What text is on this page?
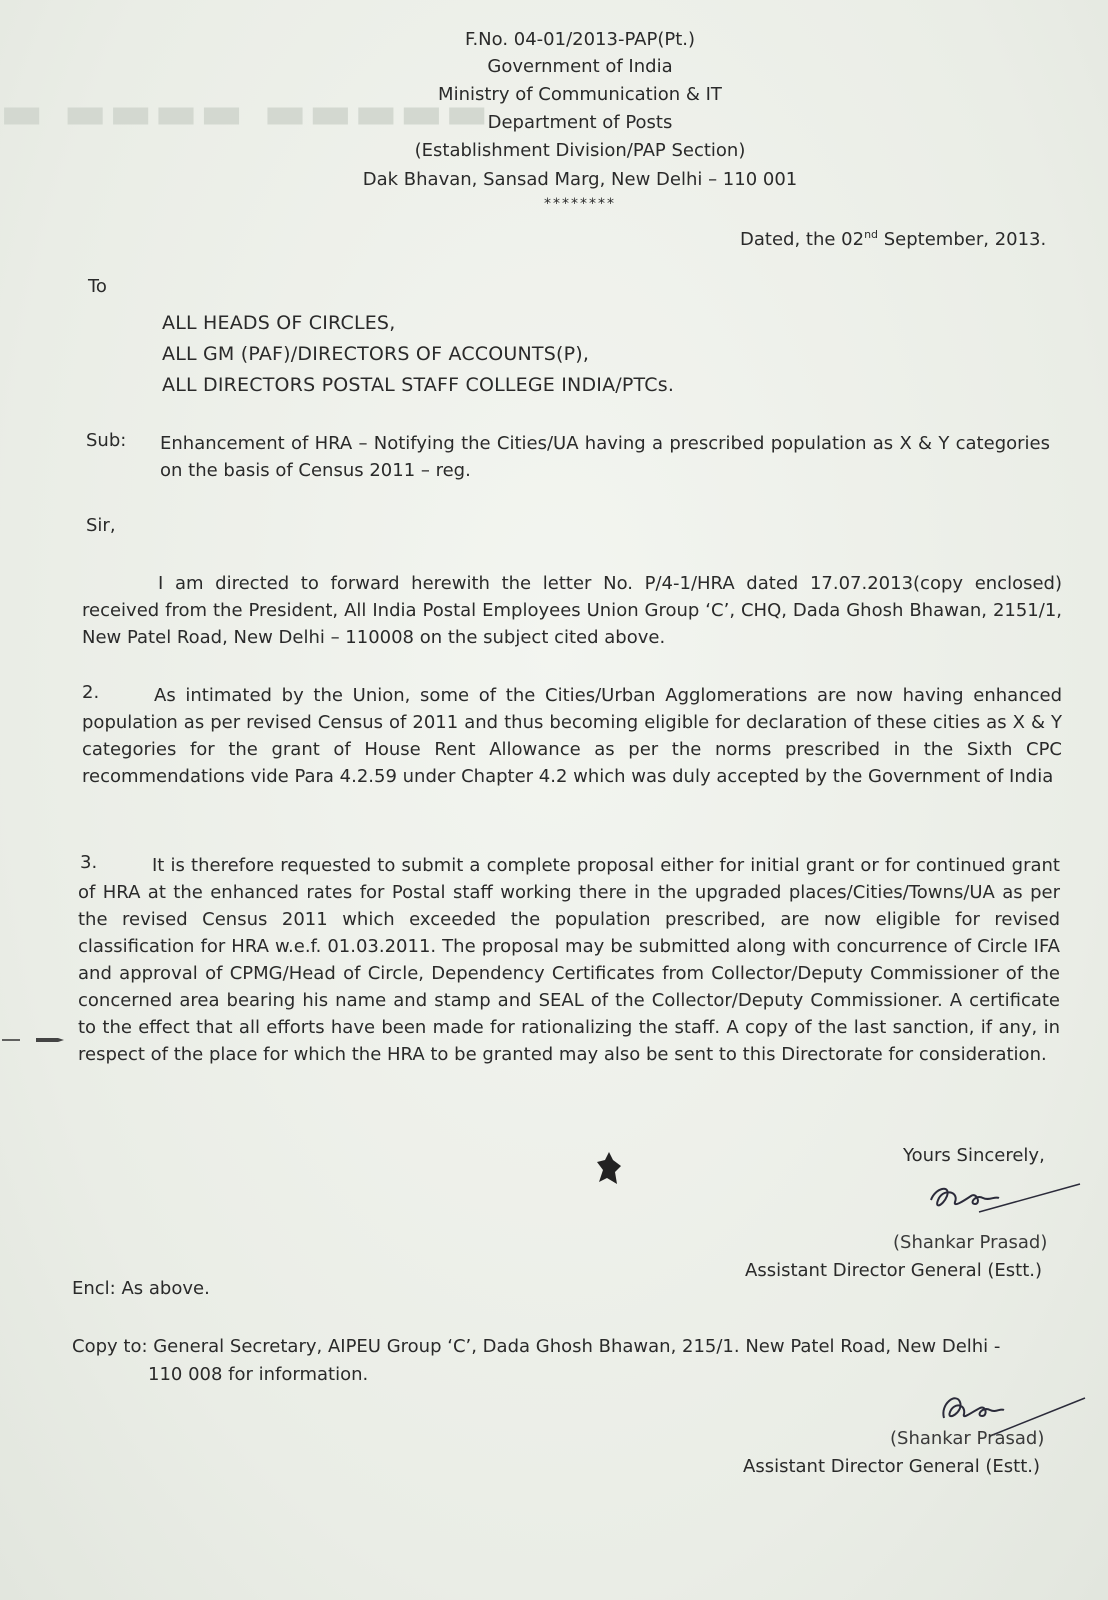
▬ ▬▬▬▬ ▬▬▬▬▬
F.No. 04-01/2013-PAP(Pt.)
Government of India
Ministry of Communication & IT
Department of Posts
(Establishment Division/PAP Section)
Dak Bhavan, Sansad Marg, New Delhi – 110 001
********
Dated, the 02nd September, 2013.
To
ALL HEADS OF CIRCLES,
ALL GM (PAF)/DIRECTORS OF ACCOUNTS(P),
ALL DIRECTORS POSTAL STAFF COLLEGE INDIA/PTCs.
Sub: Enhancement of HRA – Notifying the Cities/UA having a prescribed population as X & Y categories on the basis of Census 2011 – reg.
Sir,
I am directed to forward herewith the letter No. P/4-1/HRA dated 17.07.2013(copy enclosed) received from the President, All India Postal Employees Union Group ‘C’, CHQ, Dada Ghosh Bhawan, 2151/1, New Patel Road, New Delhi – 110008 on the subject cited above.
2.	As intimated by the Union, some of the Cities/Urban Agglomerations are now having enhanced population as per revised Census of 2011 and thus becoming eligible for declaration of these cities as X & Y categories for the grant of House Rent Allowance as per the norms prescribed in the Sixth CPC recommendations vide Para 4.2.59 under Chapter 4.2 which was duly accepted by the Government of India
3.	It is therefore requested to submit a complete proposal either for initial grant or for continued grant of HRA at the enhanced rates for Postal staff working there in the upgraded places/Cities/Towns/UA as per the revised Census 2011 which exceeded the population prescribed, are now eligible for revised classification for HRA w.e.f. 01.03.2011. The proposal may be submitted along with concurrence of Circle IFA and approval of CPMG/Head of Circle, Dependency Certificates from Collector/Deputy Commissioner of the concerned area bearing his name and stamp and SEAL of the Collector/Deputy Commissioner. A certificate to the effect that all efforts have been made for rationalizing the staff. A copy of the last sanction, if any, in respect of the place for which the HRA to be granted may also be sent to this Directorate for consideration.
Yours Sincerely,
(Shankar Prasad)
Assistant Director General (Estt.)
Encl: As above.
Copy to: General Secretary, AIPEU Group ‘C’, Dada Ghosh Bhawan, 215/1. New Patel Road, New Delhi -
110 008 for information.
(Shankar Prasad)
Assistant Director General (Estt.)
